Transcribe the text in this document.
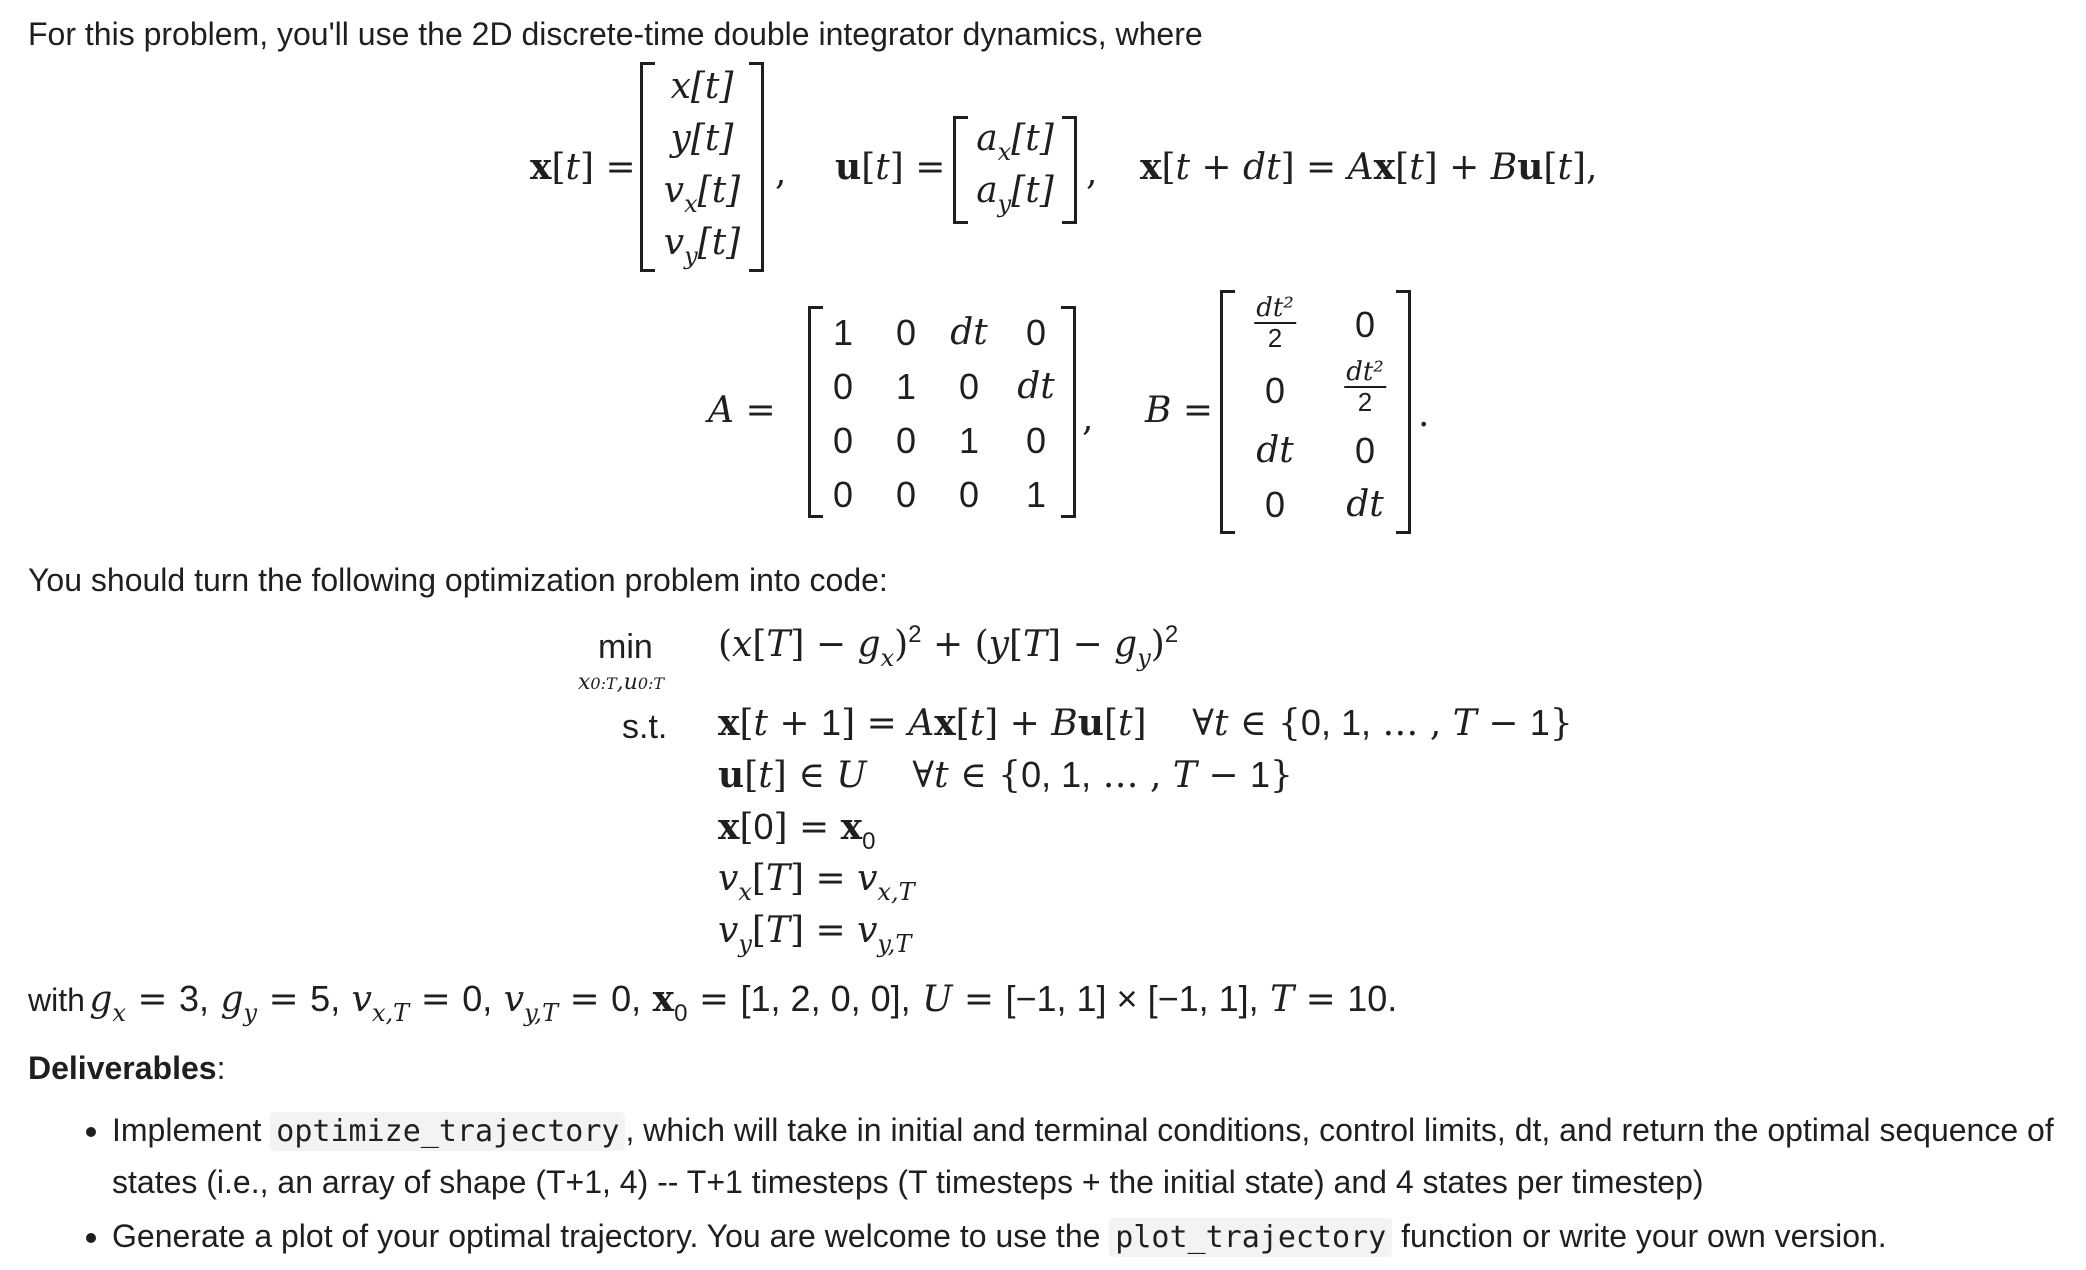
For this problem, you'll use the 2D discrete-time double integrator dynamics, where
x[t] =
x[t]
y[t]
$v_x[t]$
$v_y[t]$
, u[t] =
$a_x[t]$
$a_y[t]$ , x[t + dt] = Ax[t] + Bu[t],
A =
1 0 dt 0
0 1 0 dt
0 0 1 0
0 0 0 1
, B =
$\frac{\text{dt²}}{2} 0$
$0 \frac{\text{dt²}}{2}$
dt 0
0 dt
.
You should turn the following optimization problem into code:
min
x0:T,u0:T
$(x[T] - g_x)^2 + (y[T] - g_y)^2$
s.t. x[t + 1] = Ax[t] + Bu[t]    ∀t ∈ {0, 1, … , T − 1}
u[t] ∈ U    ∀t ∈ {0, 1, … , T − 1}
$x[0] = x_0$
$v_x[T] = v_{x,T}$
$v_y[T] = v_{y,T}$
with $g_x = 3$, $g_y = 5$, $v_{x,T} = 0$, $v_{y,T} = 0$, $x_0 = [1$, 2, 0, 0], U = [−1, 1] × [−1, 1], T = 10.
Deliverables:
• Implement optimize_trajectory , which will take in initial and terminal conditions, control limits, dt, and return the optimal sequence of states (i.e., an array of shape (T+1, 4) -- T+1 timesteps (T timesteps + the initial state) and 4 states per timestep)
• Generate a plot of your optimal trajectory. You are welcome to use the plot_trajectory function or write your own version.
